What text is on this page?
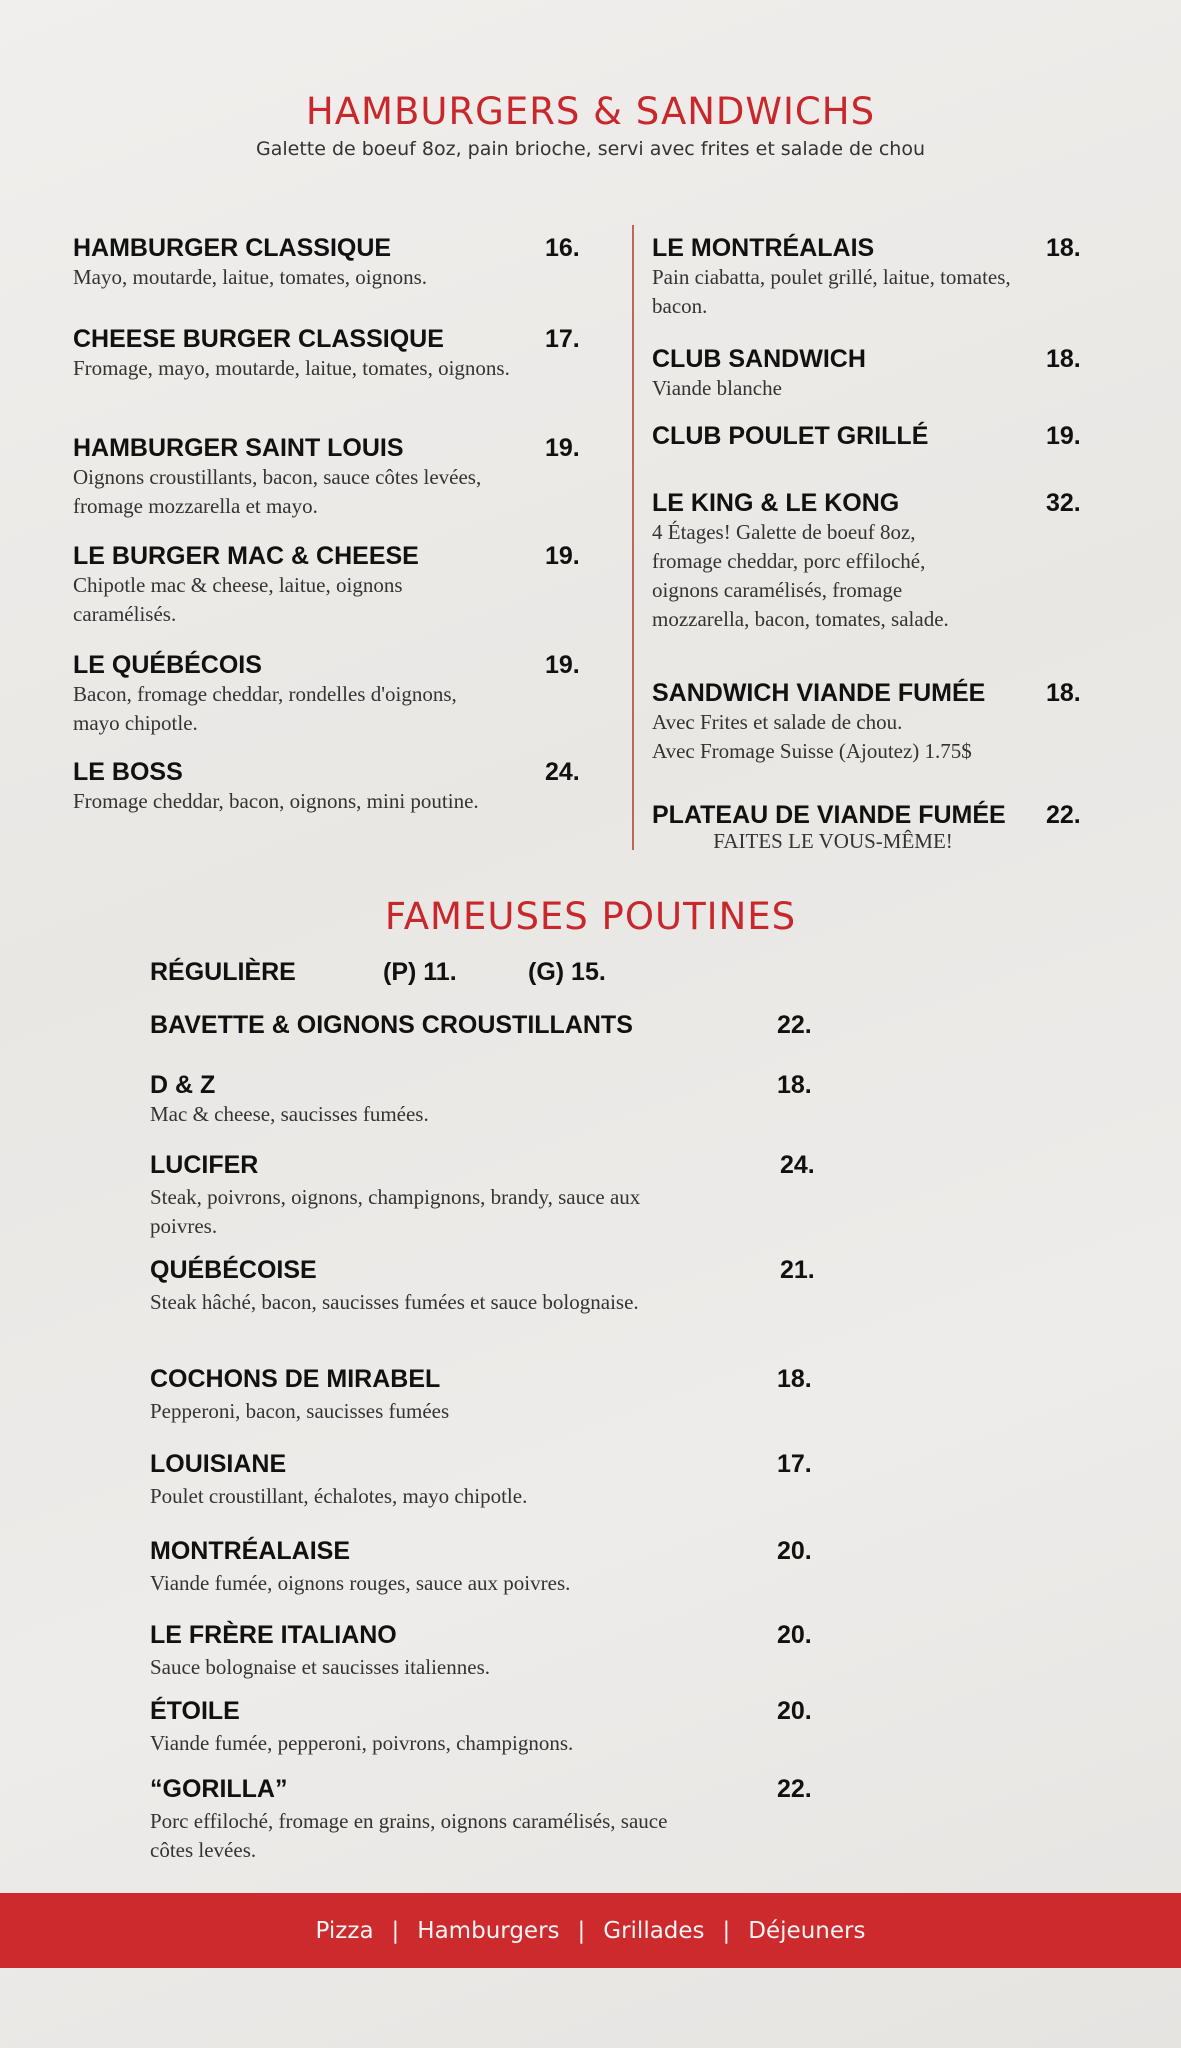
HAMBURGERS & SANDWICHS
Galette de boeuf 8oz, pain brioche, servi avec frites et salade de chou
HAMBURGER CLASSIQUE	16.
Mayo, moutarde, laitue, tomates, oignons.
CHEESE BURGER CLASSIQUE	17.
Fromage, mayo, moutarde, laitue, tomates, oignons.
HAMBURGER SAINT LOUIS	19.
Oignons croustillants, bacon, sauce côtes levées, fromage mozzarella et mayo.
LE BURGER MAC & CHEESE	19.
Chipotle mac & cheese, laitue, oignons caramélisés.
LE QUÉBÉCOIS	19.
Bacon, fromage cheddar, rondelles d'oignons, mayo chipotle.
LE BOSS	24.
Fromage cheddar, bacon, oignons, mini poutine.
LE MONTRÉALAIS	18.
Pain ciabatta, poulet grillé, laitue, tomates, bacon.
CLUB SANDWICH	18.
Viande blanche
CLUB POULET GRILLÉ	19.
LE KING & LE KONG	32.
4 Étages! Galette de boeuf 8oz, fromage cheddar, porc effiloché, oignons caramélisés, fromage mozzarella, bacon, tomates, salade.
SANDWICH VIANDE FUMÉE	18.
Avec Frites et salade de chou.
Avec Fromage Suisse (Ajoutez) 1.75$
PLATEAU DE VIANDE FUMÉE	22.
FAITES LE VOUS-MÊME!
FAMEUSES POUTINES
RÉGULIÈRE	(P) 11.	(G) 15.
BAVETTE & OIGNONS CROUSTILLANTS	22.
D & Z	18.
Mac & cheese, saucisses fumées.
LUCIFER	24.
Steak, poivrons, oignons, champignons, brandy, sauce aux poivres.
QUÉBÉCOISE	21.
Steak hâché, bacon, saucisses fumées et sauce bolognaise.
COCHONS DE MIRABEL	18.
Pepperoni, bacon, saucisses fumées
LOUISIANE	17.
Poulet croustillant, échalotes, mayo chipotle.
MONTRÉALAISE	20.
Viande fumée, oignons rouges, sauce aux poivres.
LE FRÈRE ITALIANO	20.
Sauce bolognaise et saucisses italiennes.
ÉTOILE	20.
Viande fumée, pepperoni, poivrons, champignons.
“GORILLA”	22.
Porc effiloché, fromage en grains, oignons caramélisés, sauce côtes levées.
Pizza | Hamburgers | Grillades | Déjeuners
